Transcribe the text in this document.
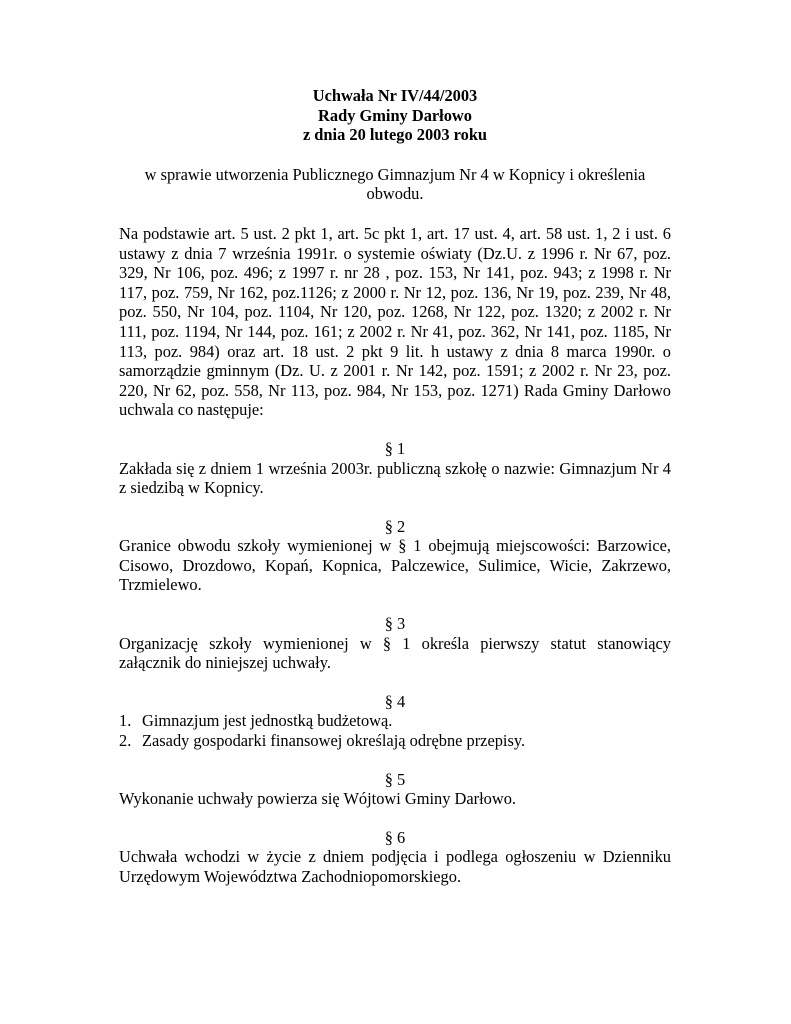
Uchwała Nr IV/44/2003
Rady Gminy Darłowo
z dnia 20 lutego 2003 roku

w sprawie utworzenia Publicznego Gimnazjum Nr 4 w Kopnicy i określenia obwodu.

Na podstawie art. 5 ust. 2 pkt 1, art. 5c pkt 1, art. 17 ust. 4, art. 58 ust. 1, 2 i ust. 6 ustawy z dnia 7 września 1991r. o systemie oświaty (Dz.U. z 1996 r. Nr 67, poz. 329, Nr 106, poz. 496; z 1997 r. nr 28 , poz. 153, Nr 141, poz. 943; z 1998 r. Nr 117, poz. 759, Nr 162, poz.1126; z 2000 r. Nr 12, poz. 136, Nr 19, poz. 239, Nr 48, poz. 550, Nr 104, poz. 1104, Nr 120, poz. 1268, Nr 122, poz. 1320; z 2002 r. Nr 111, poz. 1194, Nr 144, poz. 161; z 2002 r. Nr 41, poz. 362, Nr 141, poz. 1185, Nr 113, poz. 984) oraz art. 18 ust. 2 pkt 9 lit. h ustawy z dnia 8 marca 1990r. o samorządzie gminnym (Dz. U. z 2001 r. Nr 142, poz. 1591; z 2002 r. Nr 23, poz. 220, Nr 62, poz. 558, Nr 113, poz. 984, Nr 153, poz. 1271) Rada Gminy Darłowo uchwala co następuje:

§ 1
Zakłada się z dniem 1 września 2003r. publiczną szkołę o nazwie: Gimnazjum Nr 4 z siedzibą w Kopnicy.
§ 2
Granice obwodu szkoły wymienionej w § 1 obejmują miejscowości: Barzowice, Cisowo, Drozdowo, Kopań, Kopnica, Palczewice, Sulimice, Wicie, Zakrzewo, Trzmielewo.
§ 3
Organizację szkoły wymienionej w § 1 określa pierwszy statut stanowiący załącznik do niniejszej uchwały.
§ 4
1. Gimnazjum jest jednostką budżetową.
2. Zasady gospodarki finansowej określają odrębne przepisy.
§ 5
Wykonanie uchwały powierza się Wójtowi Gminy Darłowo.
§ 6
Uchwała wchodzi w życie z dniem podjęcia i podlega ogłoszeniu w Dzienniku Urzędowym Województwa Zachodniopomorskiego.
